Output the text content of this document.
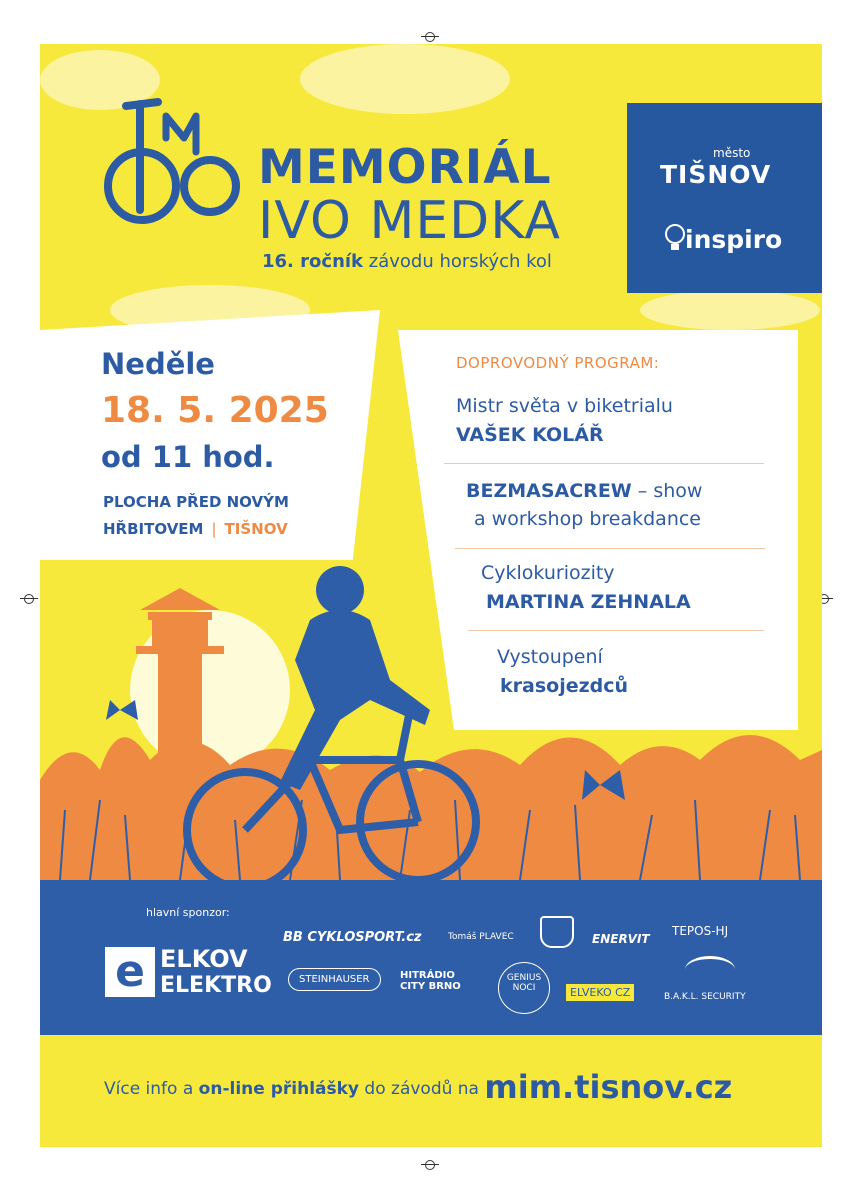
MEMORIÁL
IVO MEDKA
16. ročník závodu horských kol
město
TIŠNOV
inspiro
Neděle
18. 5. 2025
od 11 hod.
PLOCHA PŘED NOVÝM
HŘBITOVEM | TIŠNOV
DOPROVODNÝ PROGRAM:
Mistr světa v biketrialu
VAŠEK KOLÁŘ
BEZMASACREW – show
a workshop breakdance
Cyklokuriozity
MARTINA ZEHNALA
Vystoupení
krasojezdců
hlavní sponzor:
e ELKOV
ELEKTRO
BB CYKLOSPORT.cz	Tomáš PLAVEC	ENERVIT
TEPOS-HJ
STEINHAUSER	HITRÁDIO CITY BRNO
GENIUS NOCI	ELVEKO CZ	B.A.K.L. SECURITY
Více info a on-line přihlášky do závodů na mim.tisnov.cz
